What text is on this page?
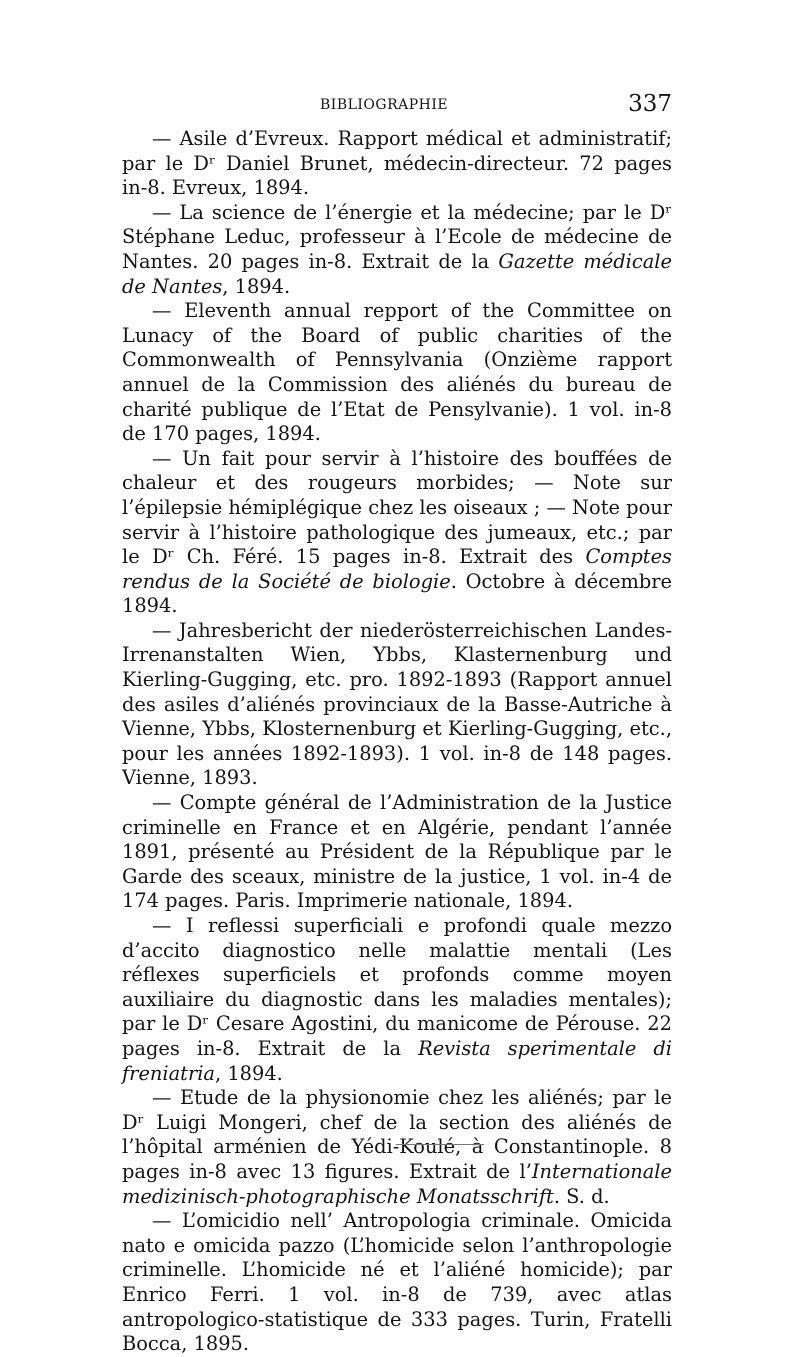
BIBLIOGRAPHIE	337

— Asile d’Evreux. Rapport médical et administratif; par le Dʳ Daniel Brunet, médecin-directeur. 72 pages in-8. Evreux, 1894.

— La science de l’énergie et la médecine; par le Dʳ Stéphane Leduc, professeur à l’Ecole de médecine de Nantes. 20 pages in-8. Extrait de la Gazette médicale de Nantes, 1894.

— Eleventh annual repport of the Committee on Lunacy of the Board of public charities of the Commonwealth of Pennsylvania (Onzième rapport annuel de la Commission des aliénés du bureau de charité publique de l’Etat de Pensylvanie). 1 vol. in-8 de 170 pages, 1894.

— Un fait pour servir à l’histoire des bouffées de chaleur et des rougeurs morbides; — Note sur l’épilepsie hémiplégique chez les oiseaux ; — Note pour servir à l’histoire pathologique des jumeaux, etc.; par le Dʳ Ch. Féré. 15 pages in-8. Extrait des Comptes rendus de la Société de biologie. Octobre à décembre 1894.

— Jahresbericht der niederösterreichischen Landes-Irrenanstalten Wien, Ybbs, Klasternenburg und Kierling-Gugging, etc. pro. 1892-1893 (Rapport annuel des asiles d’aliénés provinciaux de la Basse-Autriche à Vienne, Ybbs, Klosternenburg et Kierling-Gugging, etc., pour les années 1892-1893). 1 vol. in-8 de 148 pages. Vienne, 1893.

— Compte général de l’Administration de la Justice criminelle en France et en Algérie, pendant l’année 1891, présenté au Président de la République par le Garde des sceaux, ministre de la justice, 1 vol. in-4 de 174 pages. Paris. Imprimerie nationale, 1894.

— I reflessi superficiali e profondi quale mezzo d’accito diagnostico nelle malattie mentali (Les réflexes superficiels et profonds comme moyen auxiliaire du diagnostic dans les maladies mentales); par le Dʳ Cesare Agostini, du manicome de Pérouse. 22 pages in-8. Extrait de la Revista sperimentale di freniatria, 1894.

— Etude de la physionomie chez les aliénés; par le Dʳ Luigi Mongeri, chef de la section des aliénés de l’hôpital arménien de Yédi-Koulé, à Constantinople. 8 pages in-8 avec 13 figures. Extrait de l’Internationale medizinisch-photographische Monatsschrift. S. d.

— L’omicidio nell’ Antropologia criminale. Omicida nato e omicida pazzo (L’homicide selon l’anthropologie criminelle. L’homicide né et l’aliéné homicide); par Enrico Ferri. 1 vol. in-8 de 739, avec atlas antropologico-statistique de 333 pages. Turin, Fratelli Bocca, 1895.
